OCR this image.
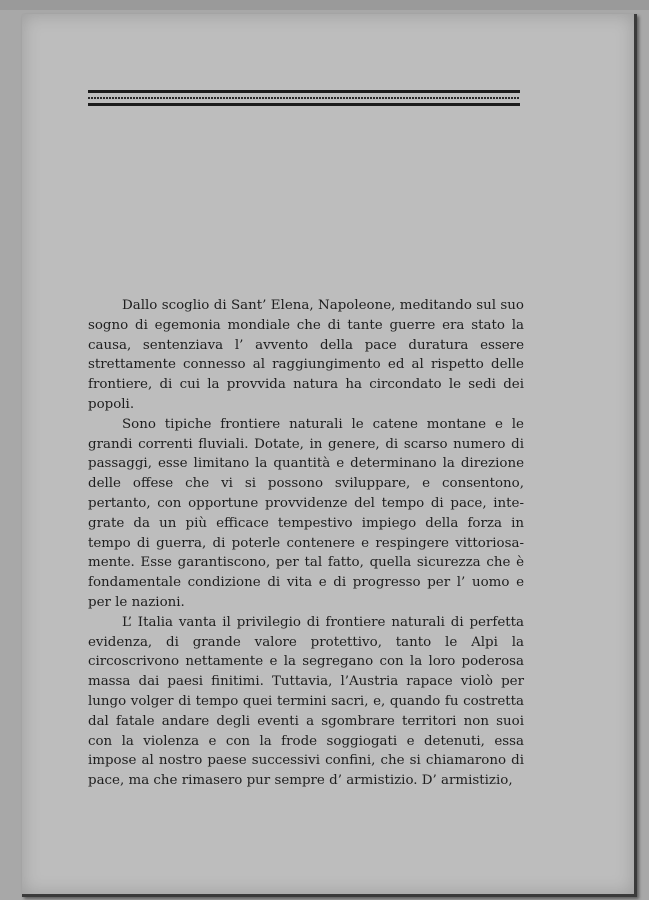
Dallo scoglio di Sant’ Elena, Napoleone, meditando sul suo sogno di egemonia mondiale che di tante guerre era stato la causa, sentenziava l’ avvento della pace duratura essere strettamente connesso al raggiungimento ed al rispetto delle frontiere, di cui la provvida natura ha circondato le sedi dei popoli.

Sono tipiche frontiere naturali le catene montane e le grandi correnti fluviali. Dotate, in genere, di scarso numero di passaggi, esse limitano la quantità e determinano la direzione delle offese che vi si possono sviluppare, e consentono, pertanto, con opportune provvidenze del tempo di pace, integrate da un più efficace tempestivo impiego della forza in tempo di guerra, di poterle contenere e respingere vittoriosamente. Esse garantiscono, per tal fatto, quella sicurezza che è fondamentale condizione di vita e di progresso per l’ uomo e per le nazioni.

L’ Italia vanta il privilegio di frontiere naturali di perfetta evidenza, di grande valore protettivo, tanto le Alpi la circoscrivono nettamente e la segregano con la loro poderosa massa dai paesi finitimi. Tuttavia, l’Austria rapace violò per lungo volger di tempo quei termini sacri, e, quando fu costretta dal fatale andare degli eventi a sgombrare territori non suoi con la violenza e con la frode soggiogati e detenuti, essa impose al nostro paese successivi confini, che si chiamarono di pace, ma che rimasero pur sempre d’ armistizio. D’ armistizio,
